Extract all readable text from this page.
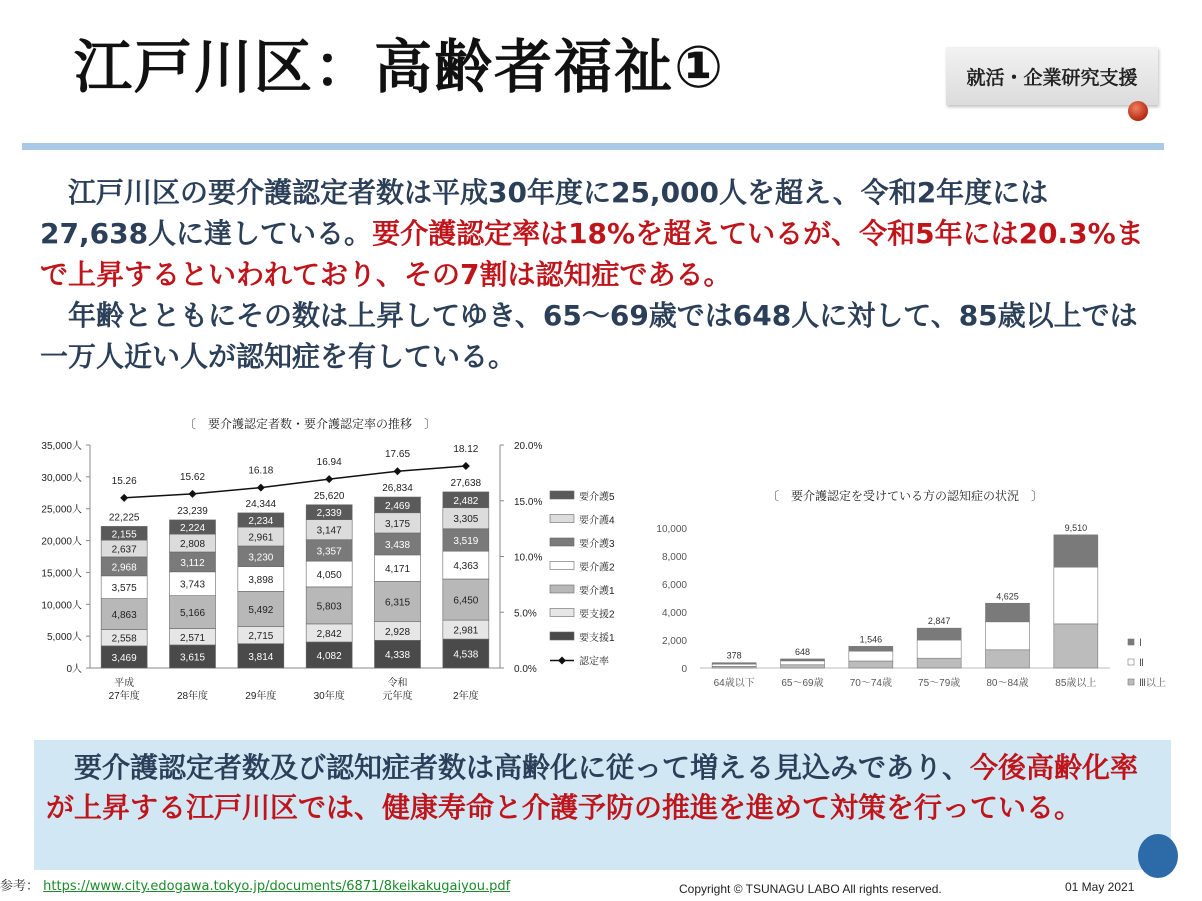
江戸川区：高齢者福祉①	就活・企業研究支援
 江戸川区の要介護認定者数は平成30年度に25,000人を超え、令和2年度には27,638人に達している。要介護認定率は18%を超えているが、令和5年には20.3%まで上昇するといわれており、その7割は認知症である。
 年齢とともにその数は上昇してゆき、65～69歳では648人に対して、85歳以上では一万人近い人が認知症を有している。
〔　要介護認定者数・要介護認定率の推移　〕
0人
5,000人
10,000人
15,000人
20,000人
25,000人
30,000人
35,000人
0.0%
5.0%
10.0%
15.0%
20.0%
3,469
2,558
4,863
3,575
2,968
2,637
2,155
22,225
平成
27年度
15.26
3,615
2,571
5,166
3,743
3,112
2,808
2,224
23,239
28年度
15.62
3,814
2,715
5,492
3,898
3,230
2,961
2,234
24,344
29年度
16.18
4,082
2,842
5,803
4,050
3,357
3,147
2,339
25,620
30年度
16.94
4,338
2,928
6,315
4,171
3,438
3,175
2,469
26,834
令和
元年度
17.65
4,538
2,981
6,450
4,363
3,519
3,305
2,482
27,638
2年度
18.12
要介護5
要介護4
要介護3
要介護2
要介護1
要支援2
要支援1
認定率
〔　要介護認定を受けている方の認知症の状況　〕
0
2,000
4,000
6,000
8,000
10,000
378
64歳以下
648
65～69歳
1,546
70～74歳
2,847
75～79歳
4,625
80～84歳
9,510
85歳以上
Ⅰ
Ⅱ
Ⅲ以上
 要介護認定者数及び認知症者数は高齢化に従って増える見込みであり、今後高齢化率が上昇する江戸川区では、健康寿命と介護予防の推進を進めて対策を行っている。
参考： https://www.city.edogawa.tokyo.jp/documents/6871/8keikakugaiyou.pdf	Copyright © TSUNAGU LABO All rights reserved.	01 May 2021
